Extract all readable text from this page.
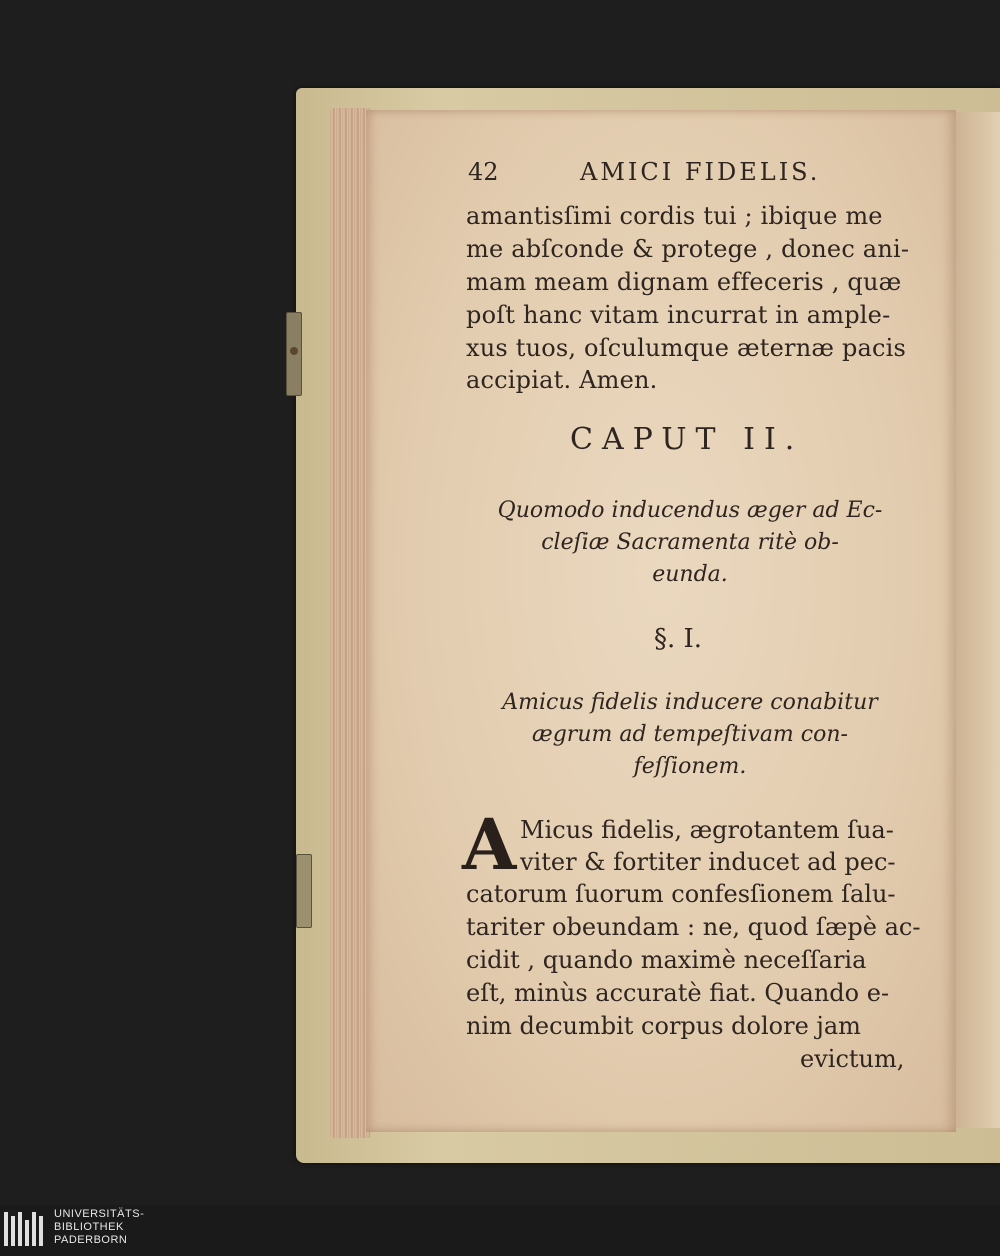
42	AMICI FIDELIS.
amantisſimi cordis tui ; ibique me
me abſconde & protege , donec ani-
mam meam dignam effeceris , quæ
poſt hanc vitam incurrat in amplе-
xus tuos, oſculumque æternæ pacis
accipiat. Amen.
CAPUT II.
Quomodo inducendus æger ad Ec-
cleſiæ Sacramenta ritè ob-
eunda.
§. I.
Amicus fidelis inducere conabitur
ægrum ad tempeſtivam con-
feſſionem.
A Micus fidelis, ægrotantem ſua-
viter & fortiter inducet ad pec-
catorum ſuorum confesſionem ſalu-
tariter obeundam : ne, quod ſæpè ac-
cidit , quando maximè neceſſaria
eſt, minùs accuratè fiat. Quando e-
nim decumbit corpus dolore jam
evictum,
UNIVERSITÄTS-
BIBLIOTHEK
PADERBORN
